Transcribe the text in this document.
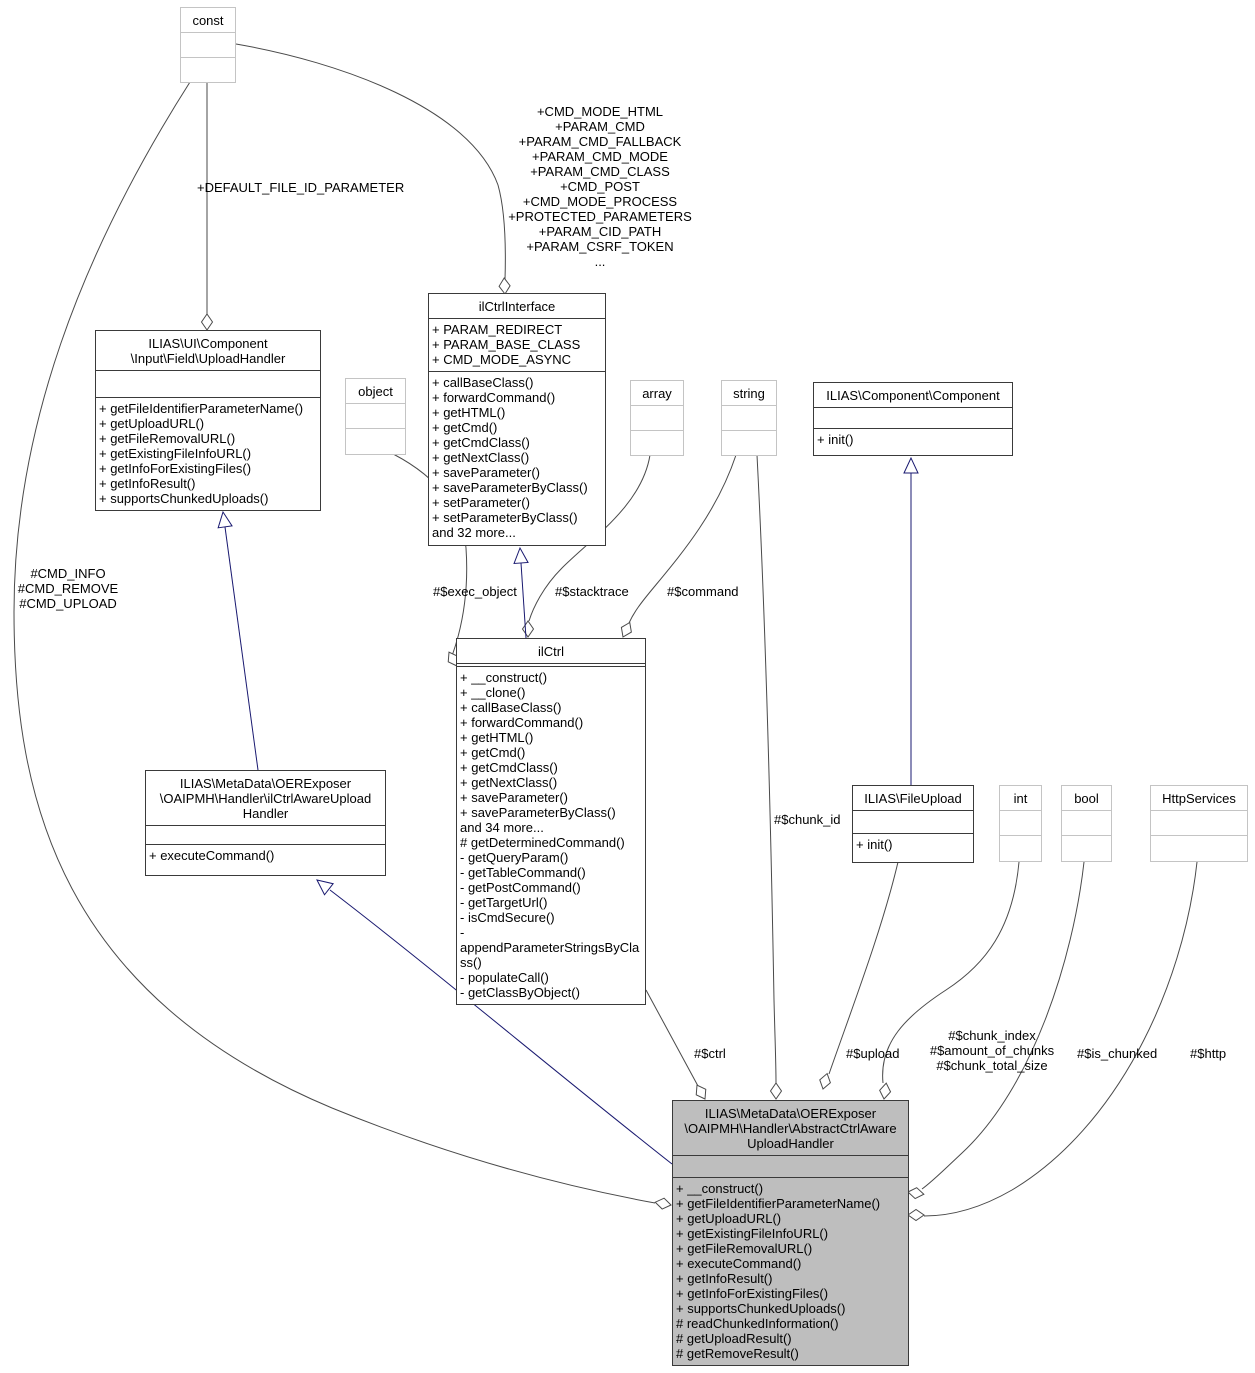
const
ILIAS\UI\Component
\Input\Field\UploadHandler
+ getFileIdentifierParameterName()
+ getUploadURL()
+ getFileRemovalURL()
+ getExistingFileInfoURL()
+ getInfoForExistingFiles()
+ getInfoResult()
+ supportsChunkedUploads()
ilCtrlInterface
+ PARAM_REDIRECT
+ PARAM_BASE_CLASS
+ CMD_MODE_ASYNC
+ callBaseClass()
+ forwardCommand()
+ getHTML()
+ getCmd()
+ getCmdClass()
+ getNextClass()
+ saveParameter()
+ saveParameterByClass()
+ setParameter()
+ setParameterByClass()
and 32 more...
object	array	string	ILIAS\Component\Component
+ init()
ilCtrl
+ __construct()
+ __clone()
+ callBaseClass()
+ forwardCommand()
+ getHTML()
+ getCmd()
+ getCmdClass()
+ getNextClass()
+ saveParameter()
+ saveParameterByClass()
and 34 more...
# getDeterminedCommand()
- getQueryParam()
- getTableCommand()
- getPostCommand()
- getTargetUrl()
- isCmdSecure()
- appendParameterStringsByClass()
- populateCall()
- getClassByObject()
ILIAS\MetaData\OERExposer
\OAIPMH\Handler\ilCtrlAwareUpload
Handler
+ executeCommand()
ILIAS\FileUpload
+ init()
int	bool	HttpServices
ILIAS\MetaData\OERExposer
\OAIPMH\Handler\AbstractCtrlAware
UploadHandler
+ __construct()
+ getFileIdentifierParameterName()
+ getUploadURL()
+ getExistingFileInfoURL()
+ getFileRemovalURL()
+ executeCommand()
+ getInfoResult()
+ getInfoForExistingFiles()
+ supportsChunkedUploads()
# readChunkedInformation()
# getUploadResult()
# getRemoveResult()
+DEFAULT_FILE_ID_PARAMETER
+CMD_MODE_HTML
+PARAM_CMD
+PARAM_CMD_FALLBACK
+PARAM_CMD_MODE
+PARAM_CMD_CLASS
+CMD_POST
+CMD_MODE_PROCESS
+PROTECTED_PARAMETERS
+PARAM_CID_PATH
+PARAM_CSRF_TOKEN
...
#CMD_INFO
#CMD_REMOVE
#CMD_UPLOAD
#$exec_object	#$stacktrace	#$command
#$chunk_id
#$ctrl	#$upload
#$chunk_index
#$amount_of_chunks
#$chunk_total_size
#$is_chunked	#$http
